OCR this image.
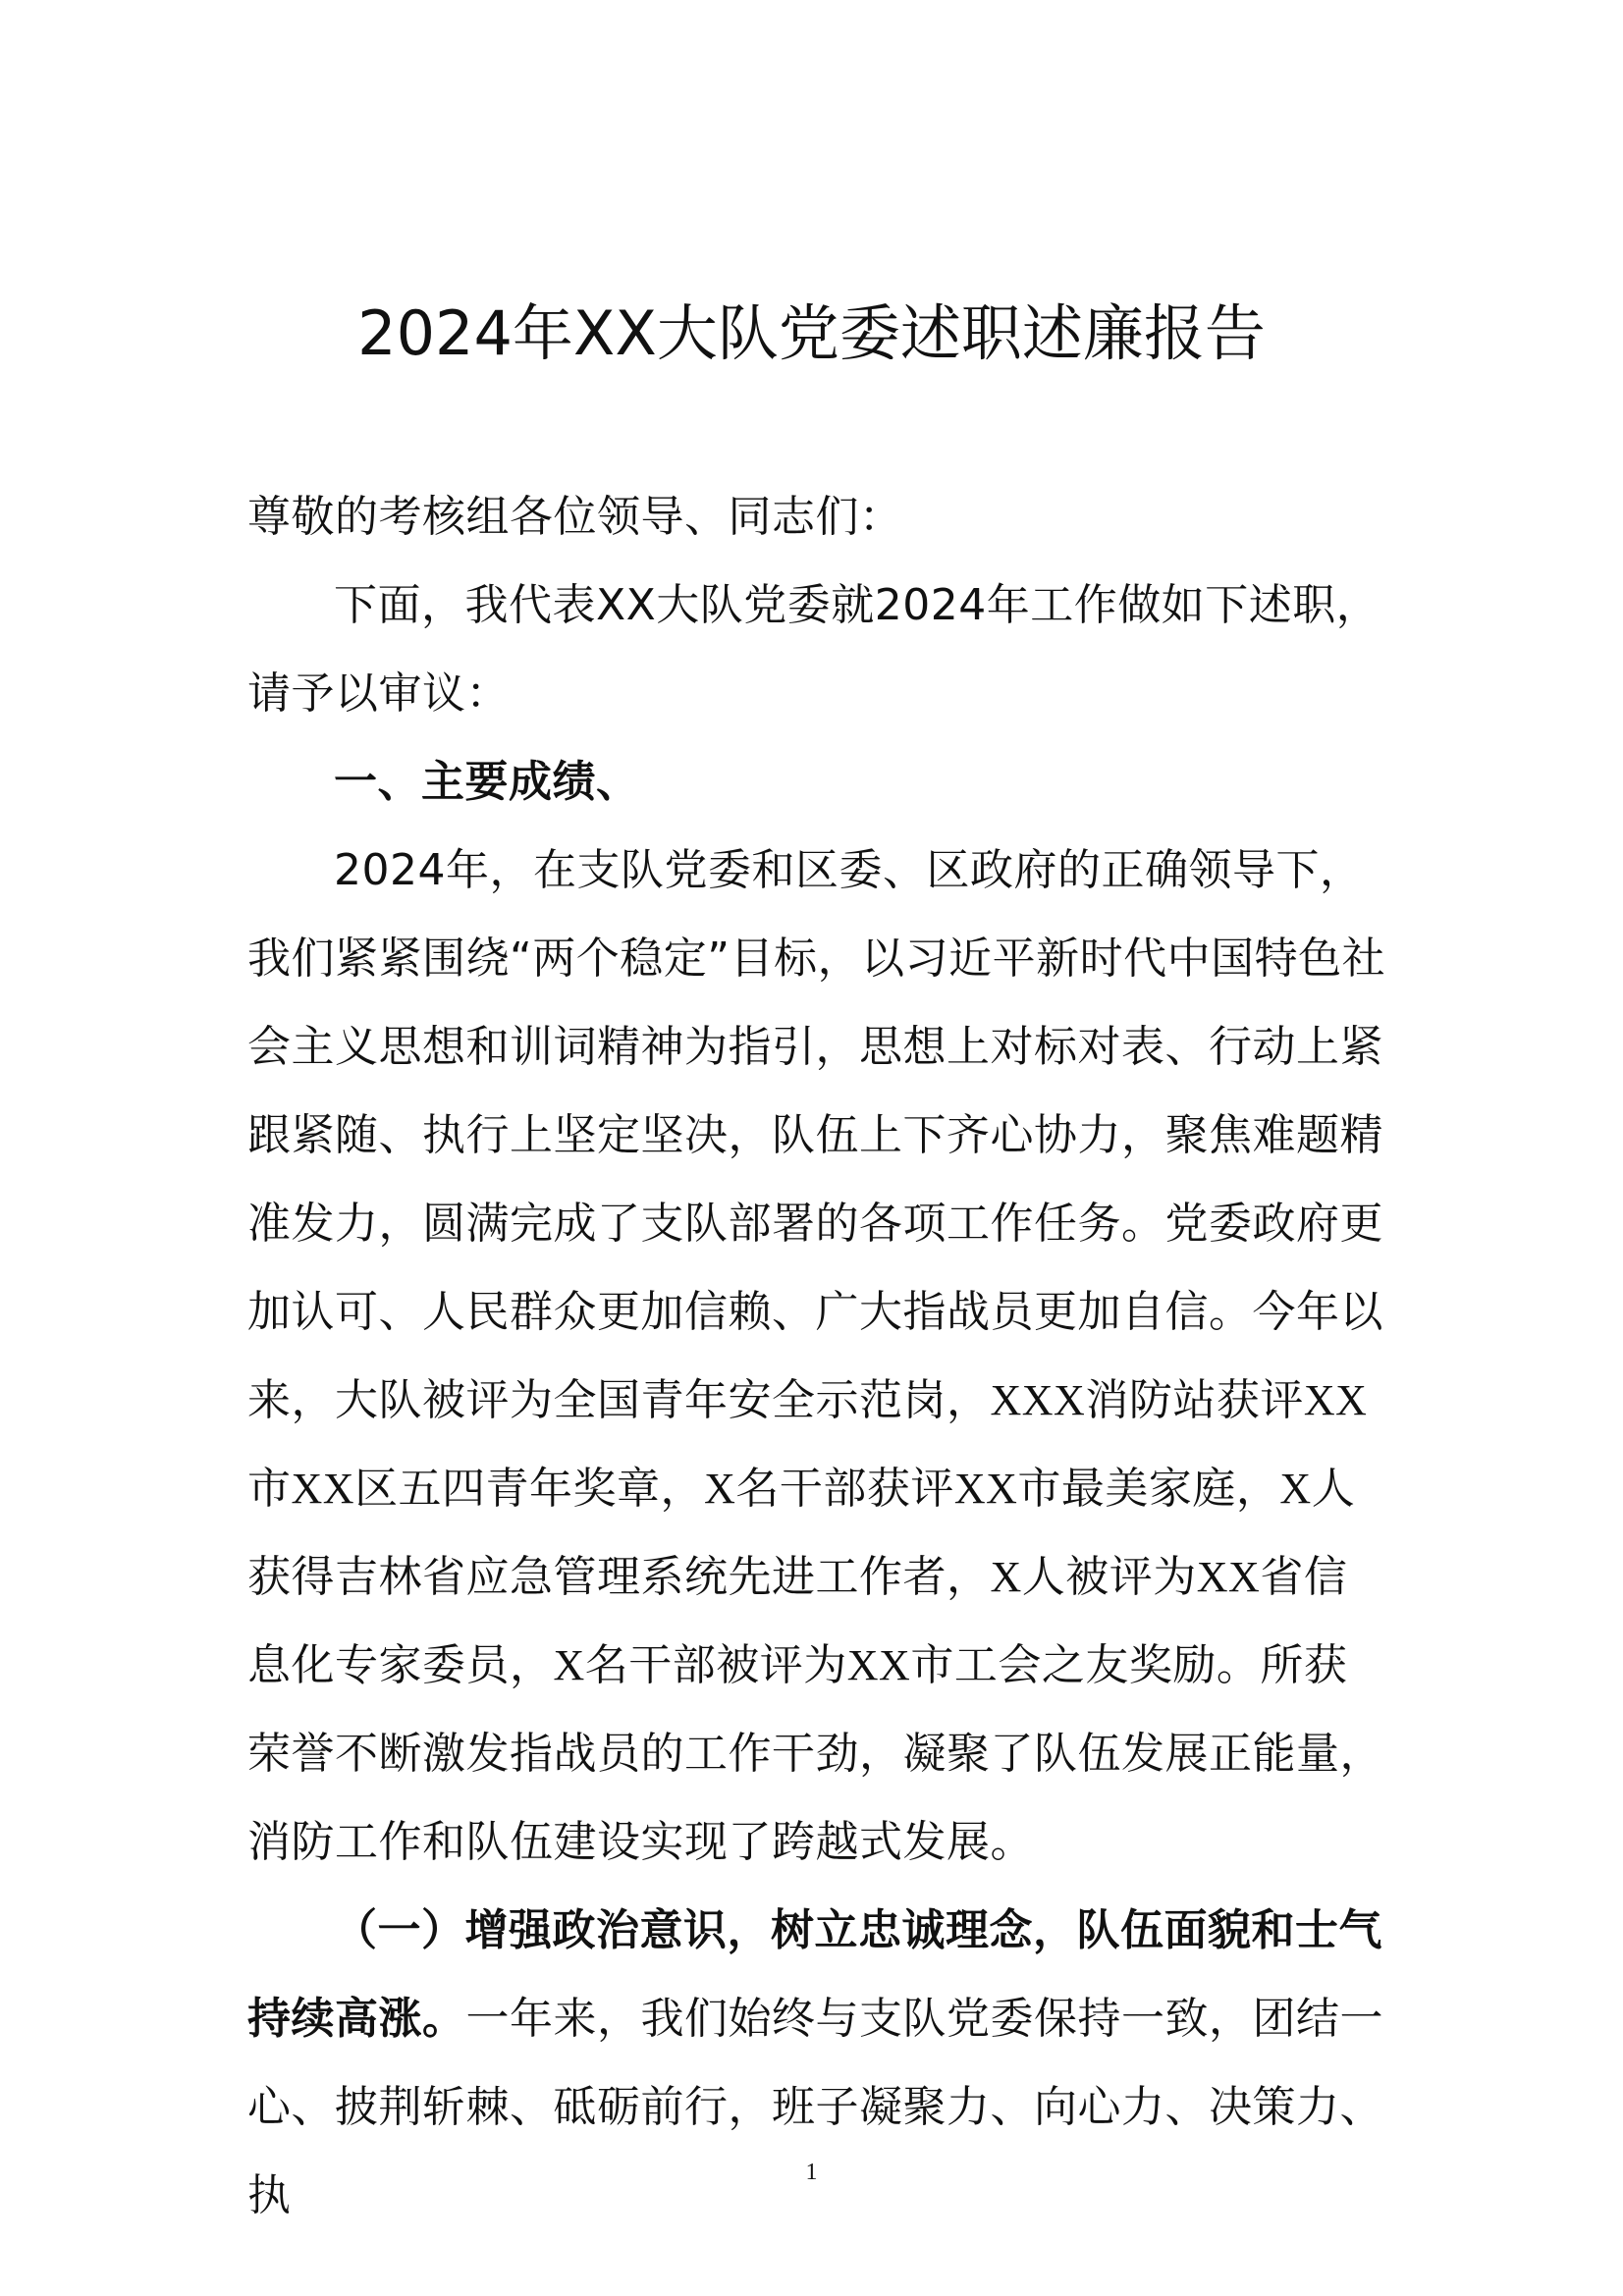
2024年XX大队党委述职述廉报告

尊敬的考核组各位领导、同志们：

下面，我代表XX大队党委就2024年工作做如下述职，请予以审议：

一、主要成绩、

2024年，在支队党委和区委、区政府的正确领导下，我们紧紧围绕“两个稳定”目标，以习近平新时代中国特色社会主义思想和训词精神为指引，思想上对标对表、行动上紧跟紧随、执行上坚定坚决，队伍上下齐心协力，聚焦难题精准发力，圆满完成了支队部署的各项工作任务。党委政府更加认可、人民群众更加信赖、广大指战员更加自信。今年以来，大队被评为全国青年安全示范岗，XXX消防站获评XX市XX区五四青年奖章，X名干部获评XX市最美家庭，X人获得吉林省应急管理系统先进工作者，X人被评为XX省信息化专家委员，X名干部被评为XX市工会之友奖励。所获荣誉不断激发指战员的工作干劲，凝聚了队伍发展正能量，消防工作和队伍建设实现了跨越式发展。

（一）增强政治意识，树立忠诚理念，队伍面貌和士气持续高涨。一年来，我们始终与支队党委保持一致，团结一心、披荆斩棘、砥砺前行，班子凝聚力、向心力、决策力、执	1
